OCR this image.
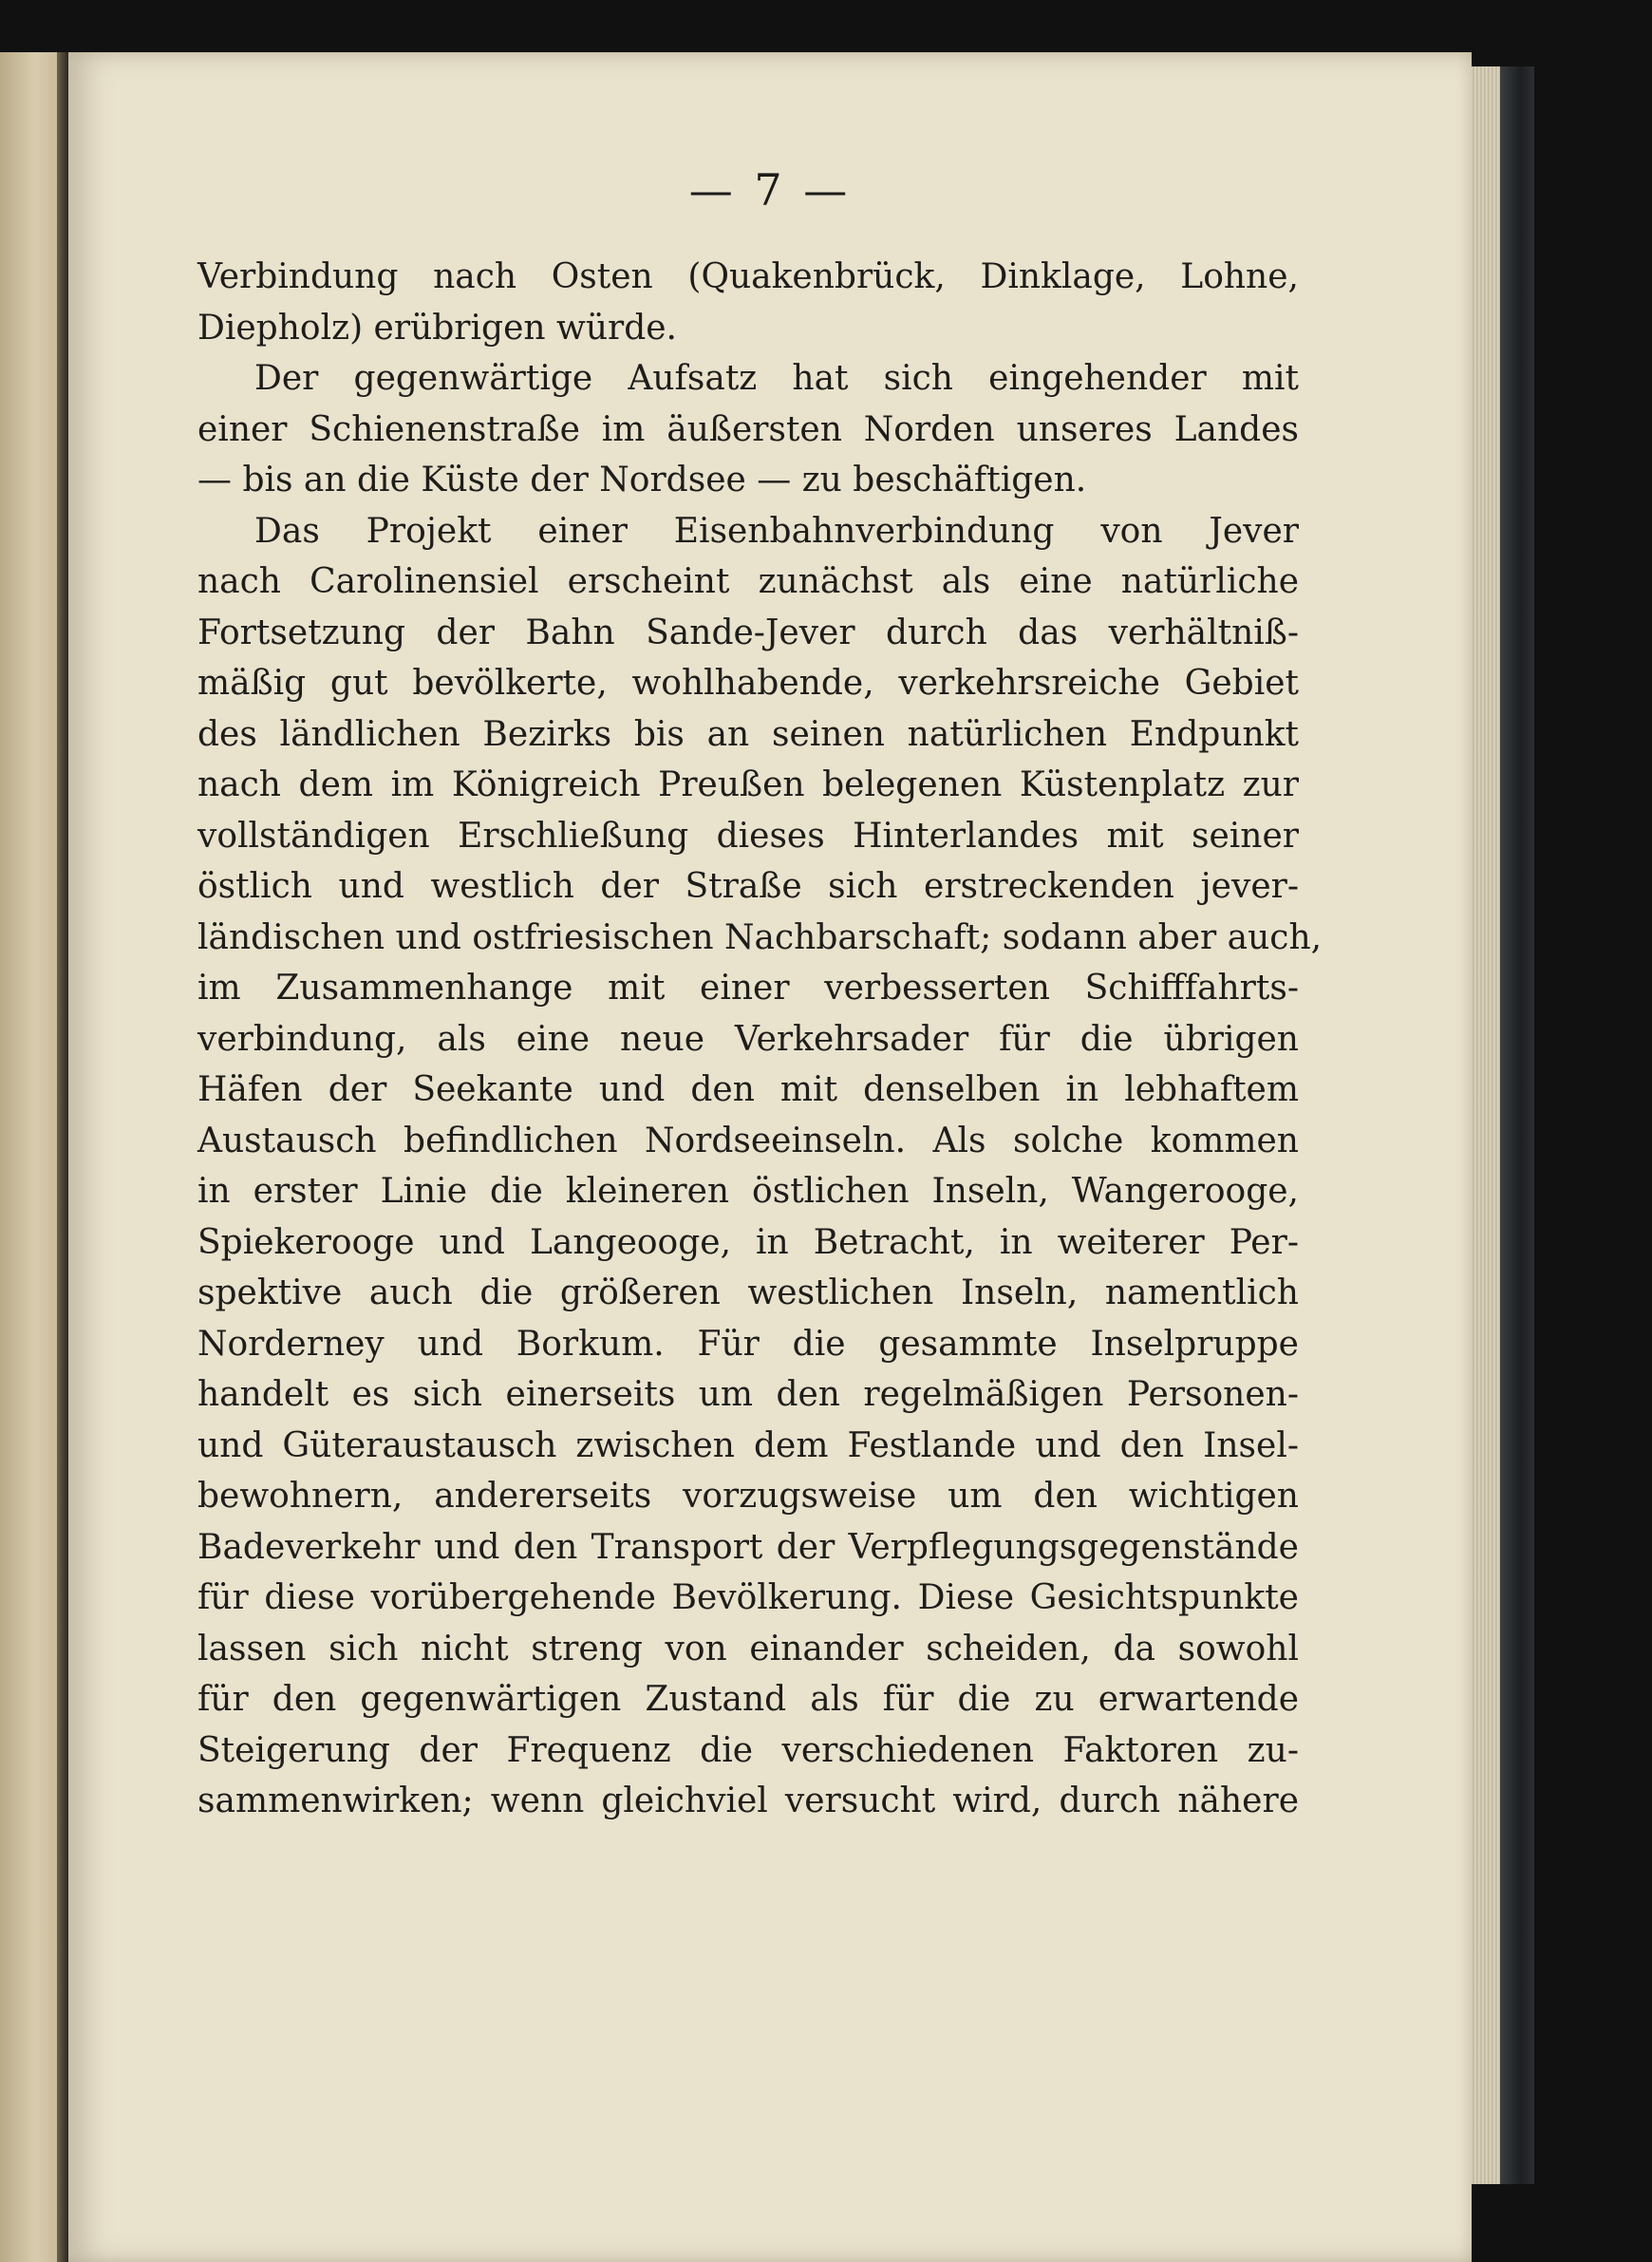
— 7 —
Verbindung nach Osten (Quakenbrück, Dinklage, Lohne,
Diepholz) erübrigen würde.
Der gegenwärtige Aufsatz hat sich eingehender mit
einer Schienenstraße im äußersten Norden unseres Landes
— bis an die Küste der Nordsee — zu beschäftigen.
Das Projekt einer Eisenbahnverbindung von Jever
nach Carolinensiel erscheint zunächst als eine natürliche
Fortsetzung der Bahn Sande-Jever durch das verhältniß-
mäßig gut bevölkerte, wohlhabende, verkehrsreiche Gebiet
des ländlichen Bezirks bis an seinen natürlichen Endpunkt
nach dem im Königreich Preußen belegenen Küstenplatz zur
vollständigen Erschließung dieses Hinterlandes mit seiner
östlich und westlich der Straße sich erstreckenden jever-
ländischen und ostfriesischen Nachbarschaft; sodann aber auch,
im Zusammenhange mit einer verbesserten Schifffahrts-
verbindung, als eine neue Verkehrsader für die übrigen
Häfen der Seekante und den mit denselben in lebhaftem
Austausch befindlichen Nordseeinseln. Als solche kommen
in erster Linie die kleineren östlichen Inseln, Wangerooge,
Spiekerooge und Langeooge, in Betracht, in weiterer Per-
spektive auch die größeren westlichen Inseln, namentlich
Norderney und Borkum. Für die gesammte Inselpruppe
handelt es sich einerseits um den regelmäßigen Personen-
und Güteraustausch zwischen dem Festlande und den Insel-
bewohnern, andererseits vorzugsweise um den wichtigen
Badeverkehr und den Transport der Verpflegungsgegenstände
für diese vorübergehende Bevölkerung. Diese Gesichtspunkte
lassen sich nicht streng von einander scheiden, da sowohl
für den gegenwärtigen Zustand als für die zu erwartende
Steigerung der Frequenz die verschiedenen Faktoren zu-
sammenwirken; wenn gleichviel versucht wird, durch nähere
